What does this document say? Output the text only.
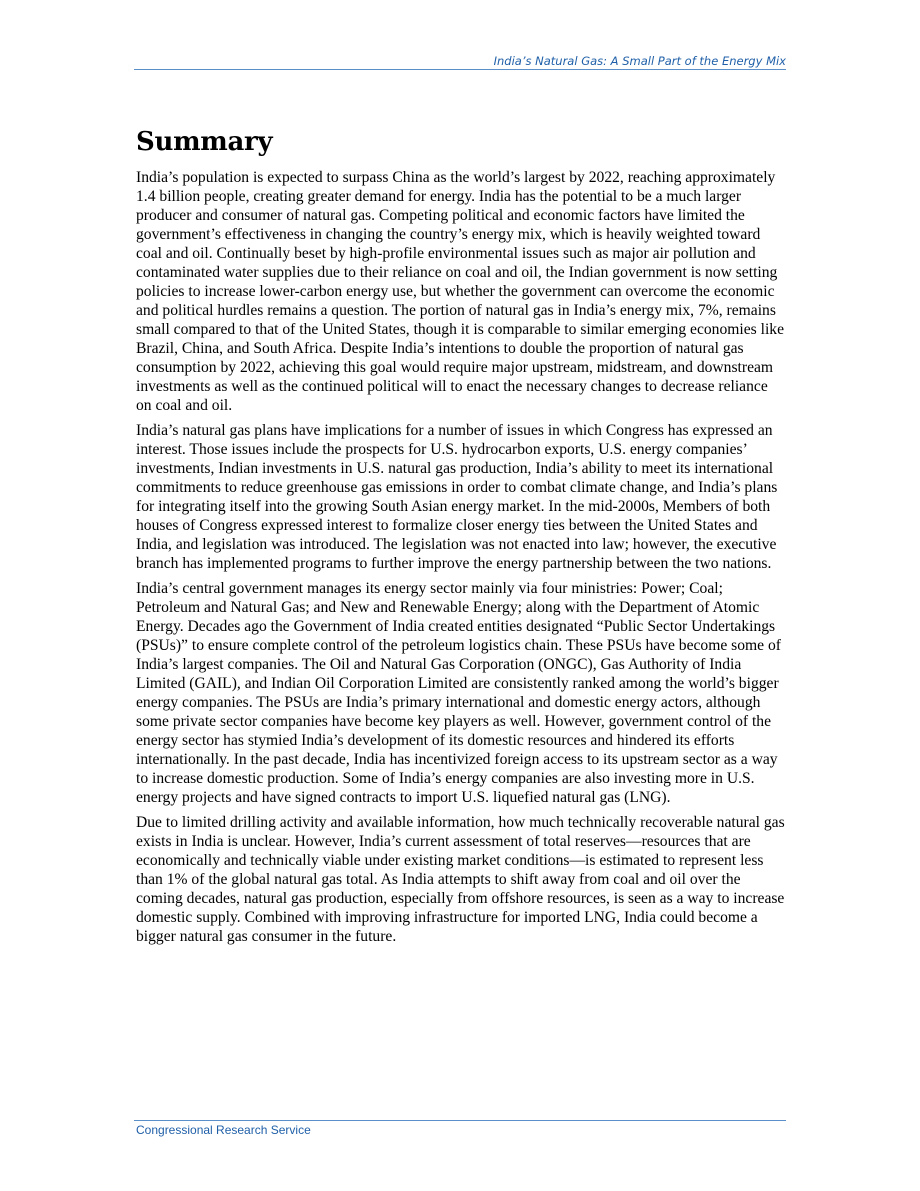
India’s Natural Gas: A Small Part of the Energy Mix
Summary

India’s population is expected to surpass China as the world’s largest by 2022, reaching approximately 1.4 billion people, creating greater demand for energy. India has the potential to be a much larger producer and consumer of natural gas. Competing political and economic factors have limited the government’s effectiveness in changing the country’s energy mix, which is heavily weighted toward coal and oil. Continually beset by high-profile environmental issues such as major air pollution and contaminated water supplies due to their reliance on coal and oil, the Indian government is now setting policies to increase lower-carbon energy use, but whether the government can overcome the economic and political hurdles remains a question. The portion of natural gas in India’s energy mix, 7%, remains small compared to that of the United States, though it is comparable to similar emerging economies like Brazil, China, and South Africa. Despite India’s intentions to double the proportion of natural gas consumption by 2022, achieving this goal would require major upstream, midstream, and downstream investments as well as the continued political will to enact the necessary changes to decrease reliance on coal and oil.

India’s natural gas plans have implications for a number of issues in which Congress has expressed an interest. Those issues include the prospects for U.S. hydrocarbon exports, U.S. energy companies’ investments, Indian investments in U.S. natural gas production, India’s ability to meet its international commitments to reduce greenhouse gas emissions in order to combat climate change, and India’s plans for integrating itself into the growing South Asian energy market. In the mid-2000s, Members of both houses of Congress expressed interest to formalize closer energy ties between the United States and India, and legislation was introduced. The legislation was not enacted into law; however, the executive branch has implemented programs to further improve the energy partnership between the two nations.

India’s central government manages its energy sector mainly via four ministries: Power; Coal; Petroleum and Natural Gas; and New and Renewable Energy; along with the Department of Atomic Energy. Decades ago the Government of India created entities designated “Public Sector Undertakings (PSUs)” to ensure complete control of the petroleum logistics chain. These PSUs have become some of India’s largest companies. The Oil and Natural Gas Corporation (ONGC), Gas Authority of India Limited (GAIL), and Indian Oil Corporation Limited are consistently ranked among the world’s bigger energy companies. The PSUs are India’s primary international and domestic energy actors, although some private sector companies have become key players as well. However, government control of the energy sector has stymied India’s development of its domestic resources and hindered its efforts internationally. In the past decade, India has incentivized foreign access to its upstream sector as a way to increase domestic production. Some of India’s energy companies are also investing more in U.S. energy projects and have signed contracts to import U.S. liquefied natural gas (LNG).

Due to limited drilling activity and available information, how much technically recoverable natural gas exists in India is unclear. However, India’s current assessment of total reserves—resources that are economically and technically viable under existing market conditions—is estimated to represent less than 1% of the global natural gas total. As India attempts to shift away from coal and oil over the coming decades, natural gas production, especially from offshore resources, is seen as a way to increase domestic supply. Combined with improving infrastructure for imported LNG, India could become a bigger natural gas consumer in the future.

Congressional Research Service
